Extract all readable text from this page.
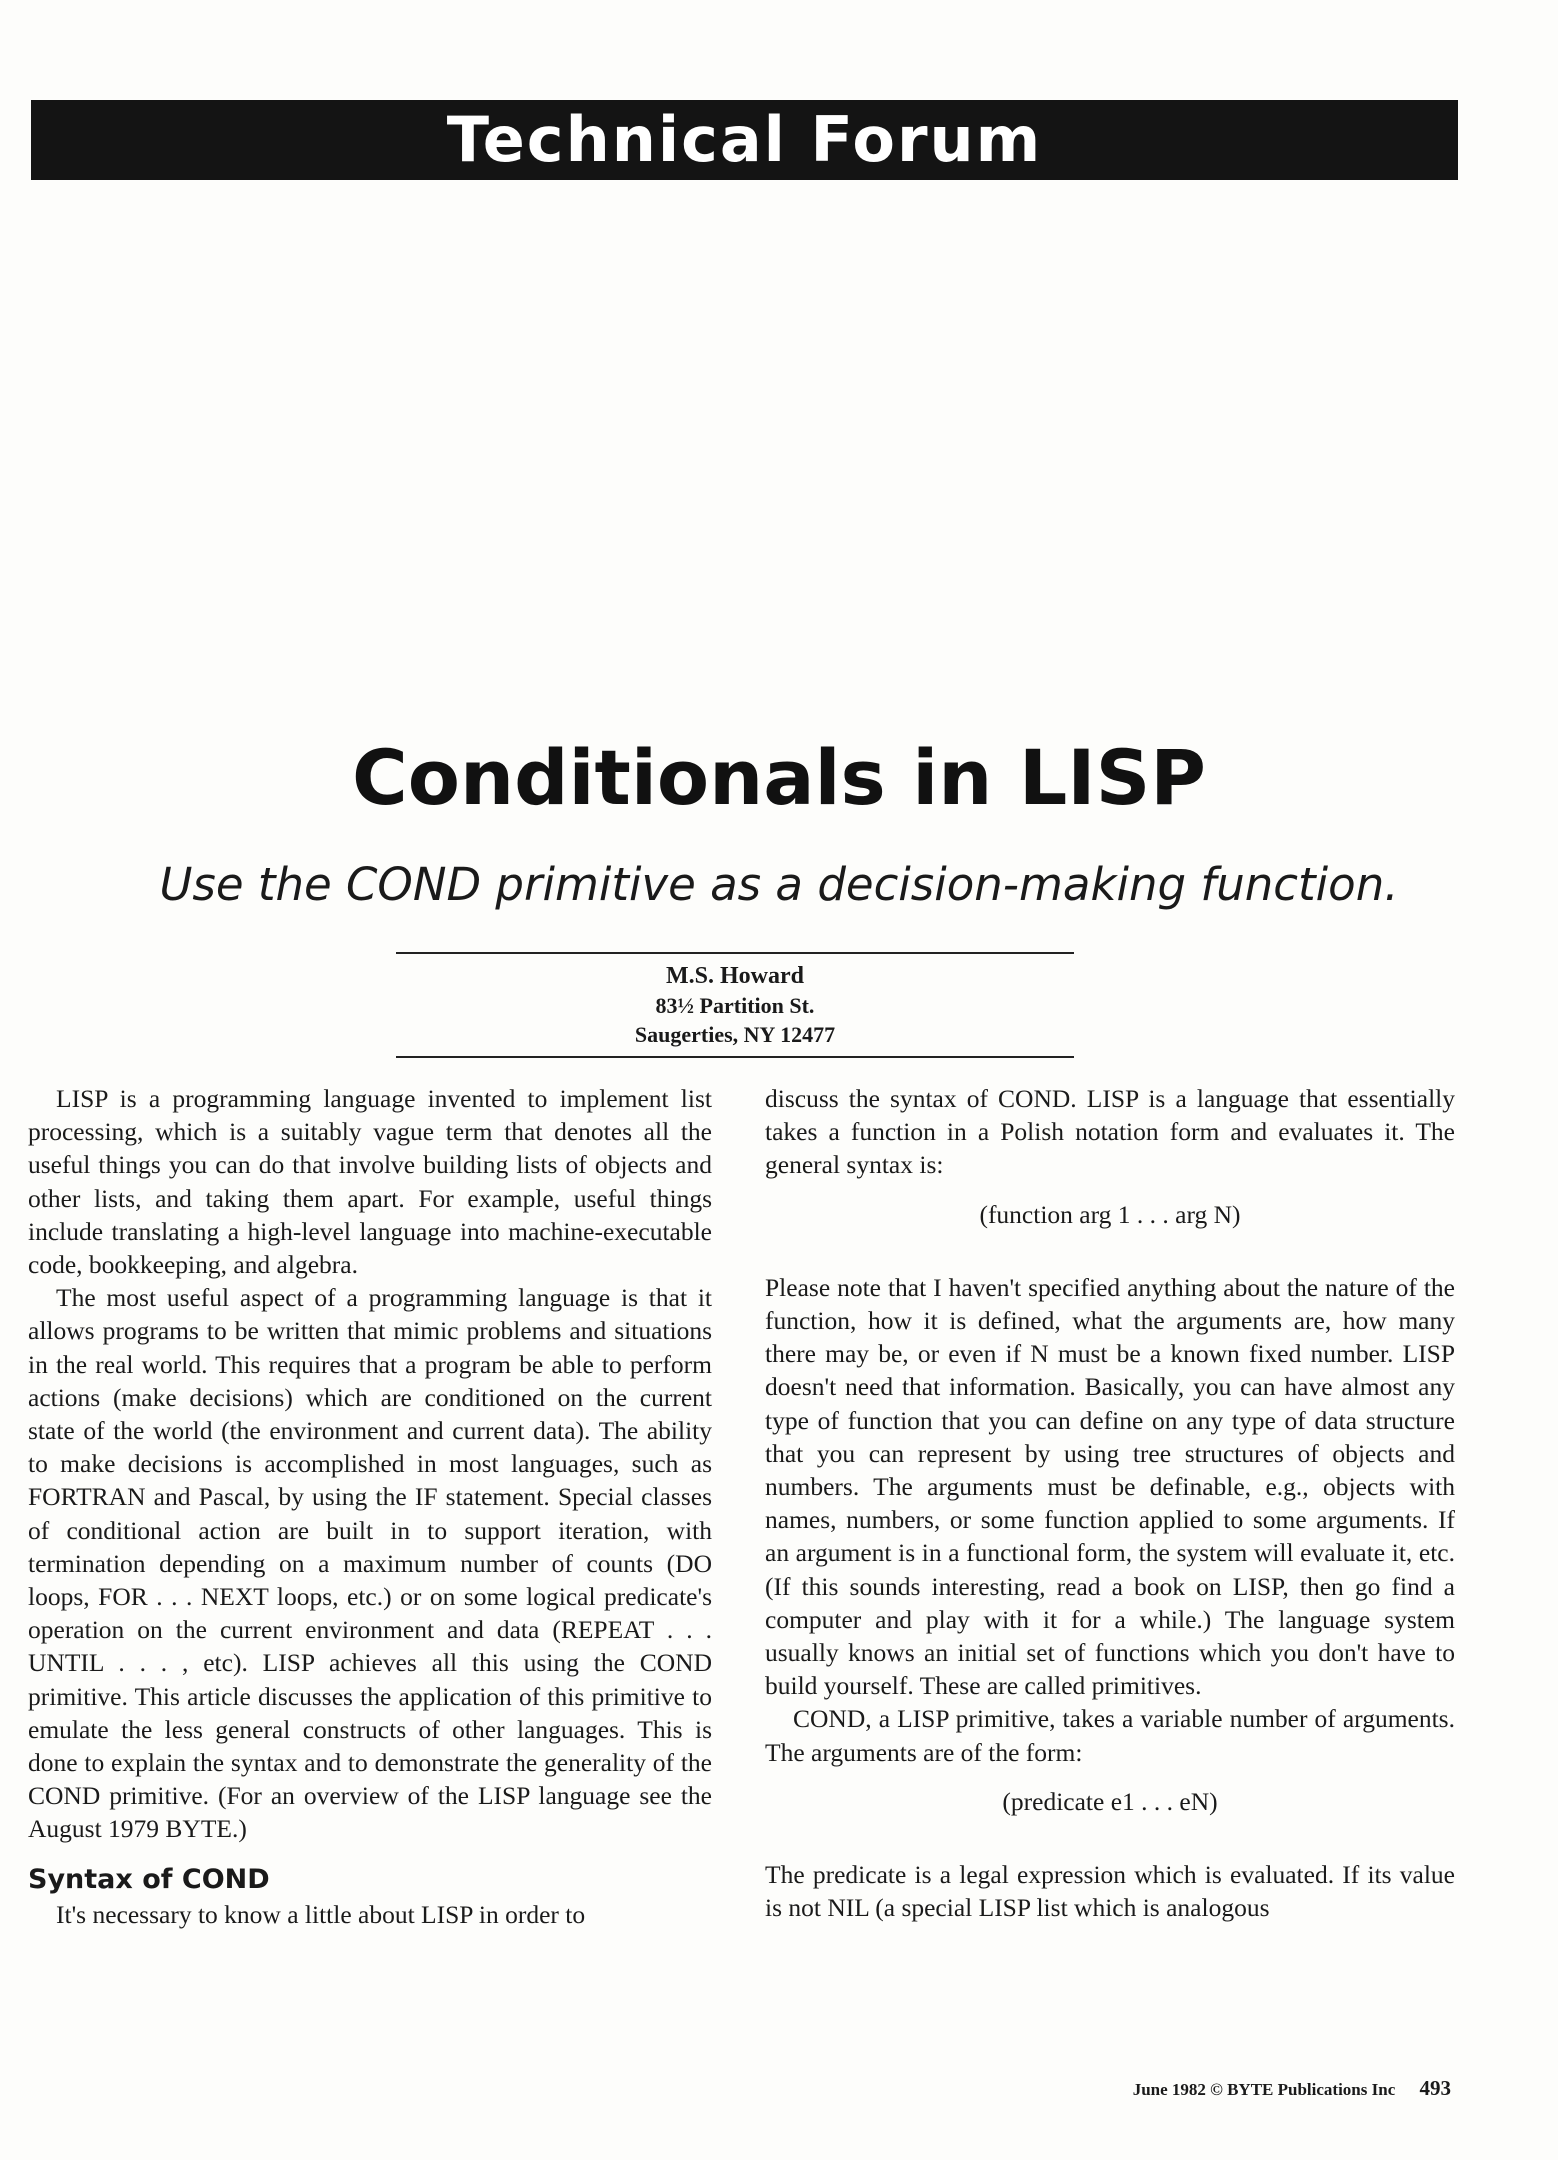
Technical Forum
Conditionals in LISP
Use the COND primitive as a decision-making function.
M.S. Howard
83½ Partition St.
Saugerties, NY 12477

LISP is a programming language invented to implement list processing, which is a suitably vague term that denotes all the useful things you can do that involve building lists of objects and other lists, and taking them apart. For example, useful things include translating a high-level language into machine-executable code, bookkeeping, and algebra.

The most useful aspect of a programming language is that it allows programs to be written that mimic problems and situations in the real world. This requires that a program be able to perform actions (make decisions) which are conditioned on the current state of the world (the environment and current data). The ability to make decisions is accomplished in most languages, such as FORTRAN and Pascal, by using the IF statement. Special classes of conditional action are built in to support iteration, with termination depending on a maximum number of counts (DO loops, FOR . . . NEXT loops, etc.) or on some logical predicate's operation on the current environment and data (REPEAT . . . UNTIL . . . , etc). LISP achieves all this using the COND primitive. This article discusses the application of this primitive to emulate the less general constructs of other languages. This is done to explain the syntax and to demonstrate the generality of the COND primitive. (For an overview of the LISP language see the August 1979 BYTE.)

Syntax of COND

It's necessary to know a little about LISP in order to

discuss the syntax of COND. LISP is a language that essentially takes a function in a Polish notation form and evaluates it. The general syntax is:

(function arg 1 . . . arg N)

Please note that I haven't specified anything about the nature of the function, how it is defined, what the arguments are, how many there may be, or even if N must be a known fixed number. LISP doesn't need that information. Basically, you can have almost any type of function that you can define on any type of data structure that you can represent by using tree structures of objects and numbers. The arguments must be definable, e.g., objects with names, numbers, or some function applied to some arguments. If an argument is in a functional form, the system will evaluate it, etc. (If this sounds interesting, read a book on LISP, then go find a computer and play with it for a while.) The language system usually knows an initial set of functions which you don't have to build yourself. These are called primitives.

COND, a LISP primitive, takes a variable number of arguments. The arguments are of the form:

(predicate e1 . . . eN)

The predicate is a legal expression which is evaluated. If its value is not NIL (a special LISP list which is analogous

June 1982 © BYTE Publications Inc 493
